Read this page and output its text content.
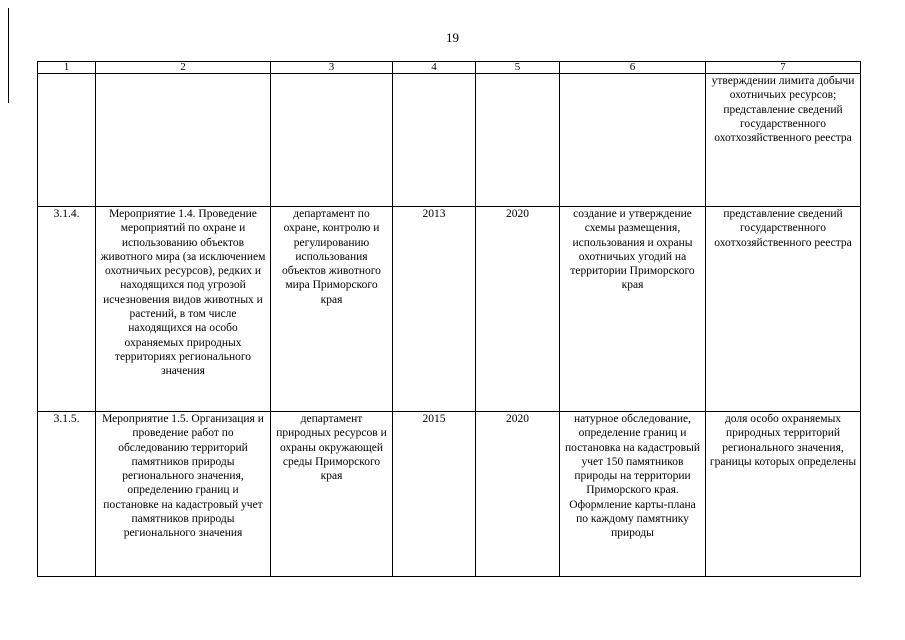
19
1	2	3	4	5	6	7
						утверждении лимита добычи охотничьих ресурсов; представление сведений государственного охотхозяйственного реестра
3.1.4.	Мероприятие 1.4. Проведение мероприятий по охране и использованию объектов животного мира (за исключением охотничьих ресурсов), редких и находящихся под угрозой исчезновения видов животных и растений, в том числе находящихся на особо охраняемых природных территориях регионального значения	департамент по охране, контролю и регулированию использования объектов животного мира Приморского края	2013	2020	создание и утверждение схемы размещения, использования и охраны охотничьих угодий на территории Приморского края	представление сведений государственного охотхозяйственного реестра
3.1.5.	Мероприятие 1.5. Организация и проведение работ по обследованию территорий памятников природы регионального значения, определению границ и постановке на кадастровый учет памятников природы регионального значения	департамент природных ресурсов и охраны окружающей среды Приморского края	2015	2020	натурное обследование, определение границ и постановка на кадастровый учет 150 памятников природы на территории Приморского края. Оформление карты-плана по каждому памятнику природы	доля особо охраняемых природных территорий регионального значения, границы которых определены
